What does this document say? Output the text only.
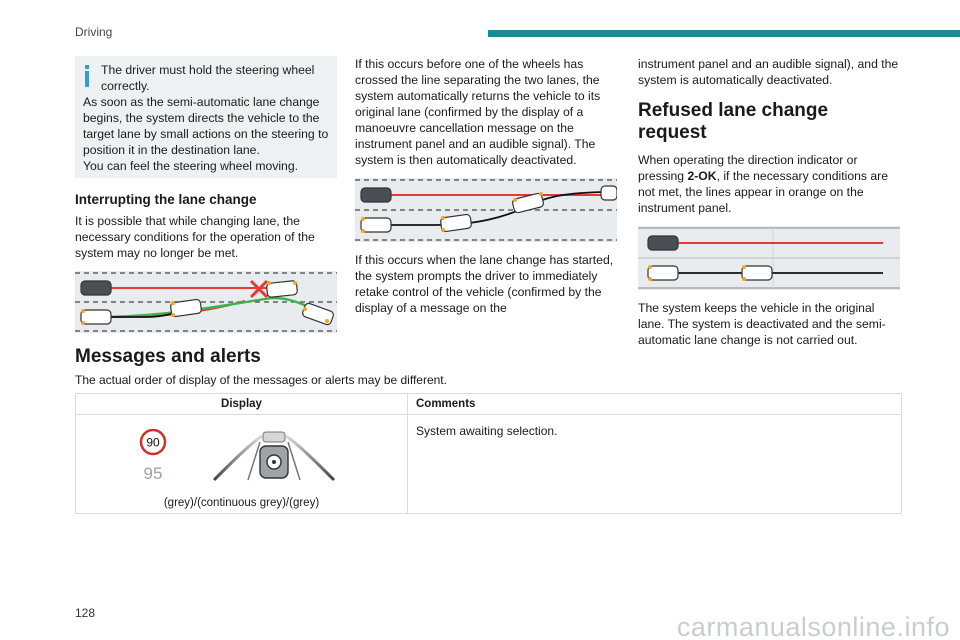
Driving
The driver must hold the steering wheel correctly.

As soon as the semi-automatic lane change begins, the system directs the vehicle to the target lane by small actions on the steering to position it in the destination lane.

You can feel the steering wheel moving.

Interrupting the lane change

It is possible that while changing lane, the necessary conditions for the operation of the system may no longer be met.

If this occurs before one of the wheels has crossed the line separating the two lanes, the system automatically returns the vehicle to its original lane (confirmed by the display of a manoeuvre cancellation message on the instrument panel and an audible signal). The system is then automatically deactivated.

If this occurs when the lane change has started, the system prompts the driver to immediately retake control of the vehicle (confirmed by the display of a message on the

instrument panel and an audible signal), and the system is automatically deactivated.

Refused lane change request

When operating the direction indicator or pressing 2-OK, if the necessary conditions are not met, the lines appear in orange on the instrument panel.

The system keeps the vehicle in the original lane. The system is deactivated and the semi-automatic lane change is not carried out.

Messages and alerts
The actual order of display of the messages or alerts may be different.
Display	Comments
90
95
System awaiting selection.
(grey)/(continuous grey)/(grey)
128	carmanualsonline.info
